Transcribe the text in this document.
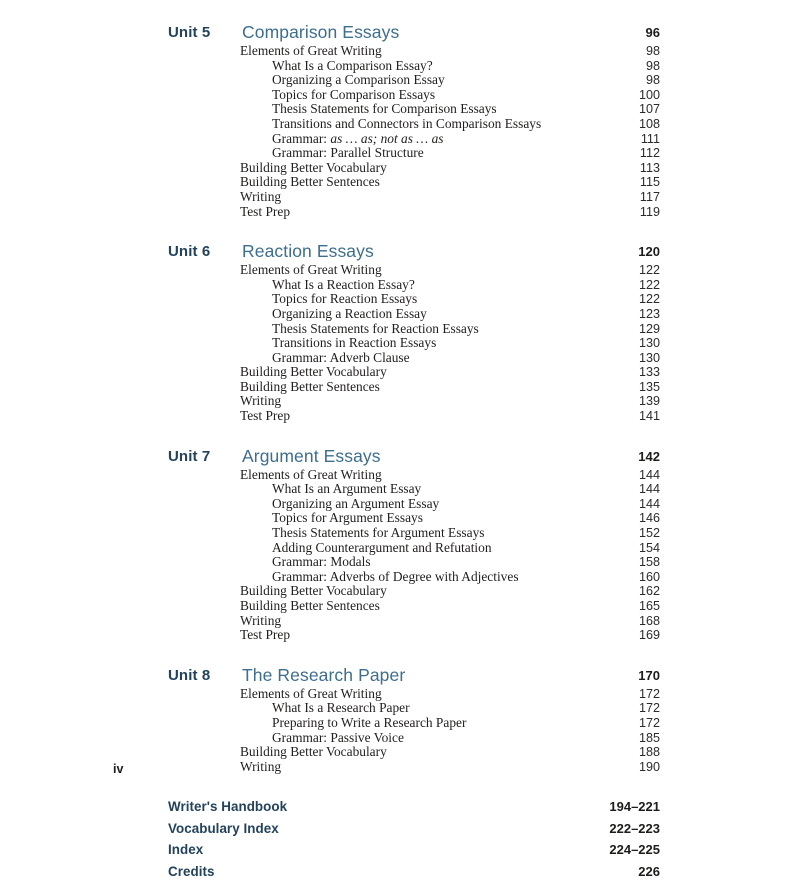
Unit 5 Comparison Essays	96
Elements of Great Writing	98
What Is a Comparison Essay?	98
Organizing a Comparison Essay	98
Topics for Comparison Essays	100
Thesis Statements for Comparison Essays	107
Transitions and Connectors in Comparison Essays	108
Grammar: as … as; not as … as	111
Grammar: Parallel Structure	112
Building Better Vocabulary	113
Building Better Sentences	115
Writing	117
Test Prep	119
Unit 6 Reaction Essays	120
Elements of Great Writing	122
What Is a Reaction Essay?	122
Topics for Reaction Essays	122
Organizing a Reaction Essay	123
Thesis Statements for Reaction Essays	129
Transitions in Reaction Essays	130
Grammar: Adverb Clause	130
Building Better Vocabulary	133
Building Better Sentences	135
Writing	139
Test Prep	141
Unit 7 Argument Essays	142
Elements of Great Writing	144
What Is an Argument Essay	144
Organizing an Argument Essay	144
Topics for Argument Essays	146
Thesis Statements for Argument Essays	152
Adding Counterargument and Refutation	154
Grammar: Modals	158
Grammar: Adverbs of Degree with Adjectives	160
Building Better Vocabulary	162
Building Better Sentences	165
Writing	168
Test Prep	169
Unit 8 The Research Paper	170
Elements of Great Writing	172
What Is a Research Paper	172
Preparing to Write a Research Paper	172
Grammar: Passive Voice	185
Building Better Vocabulary	188
Writing	190
Writer's Handbook	194–221
Vocabulary Index	222–223
Index	224–225
Credits	226
iv
